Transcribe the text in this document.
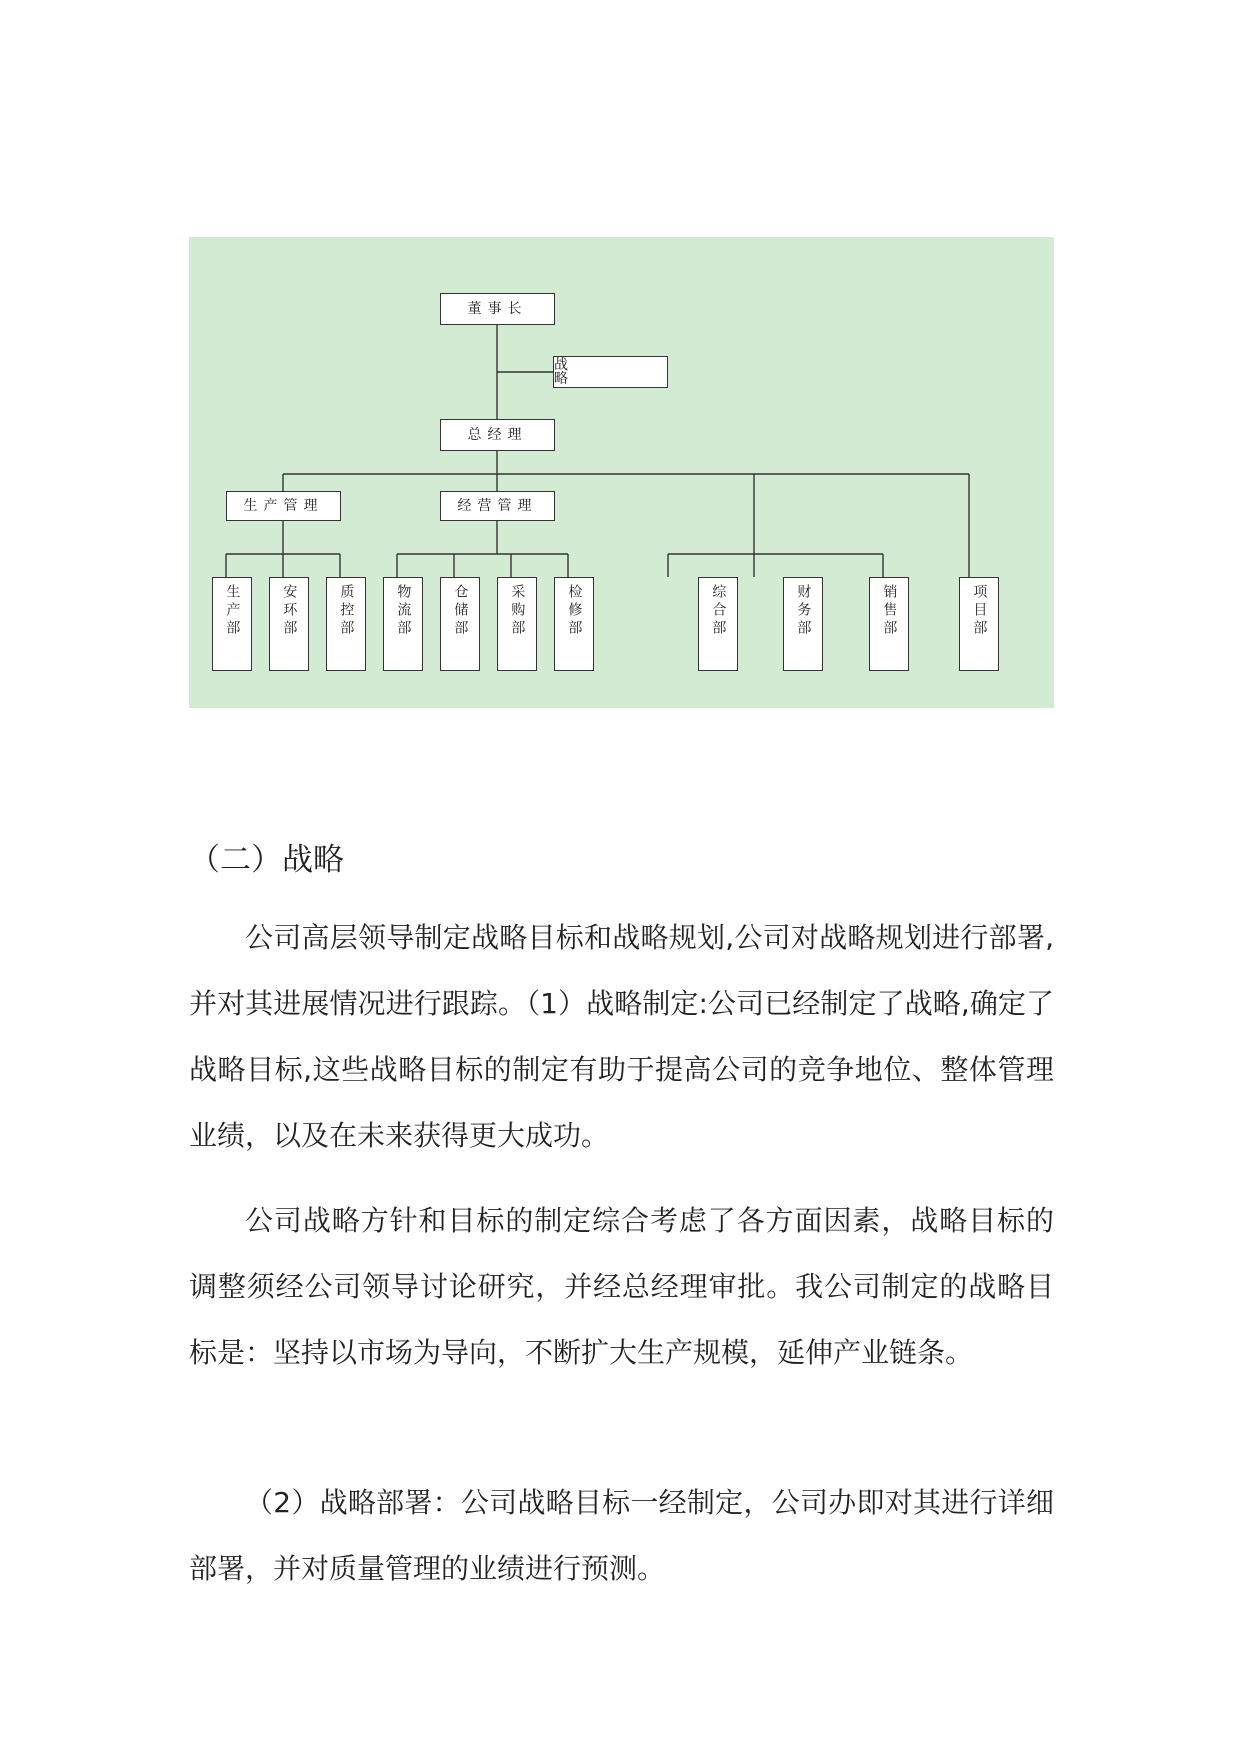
董事长
战　略
总经理
生产管理	经营管理
生产部	安环部	质控部	物流部	仓储部	采购部	检修部	综合部	财务部	销售部	项目部
（二）战略

公司高层领导制定战略目标和战略规划,公司对战略规划进行部署,并对其进展情况进行跟踪。（1）战略制定:公司已经制定了战略,确定了战略目标,这些战略目标的制定有助于提高公司的竞争地位、整体管理业绩，以及在未来获得更大成功。

公司战略方针和目标的制定综合考虑了各方面因素，战略目标的调整须经公司领导讨论研究，并经总经理审批。我公司制定的战略目标是：坚持以市场为导向，不断扩大生产规模，延伸产业链条。

（2）战略部署：公司战略目标一经制定，公司办即对其进行详细部署，并对质量管理的业绩进行预测。
